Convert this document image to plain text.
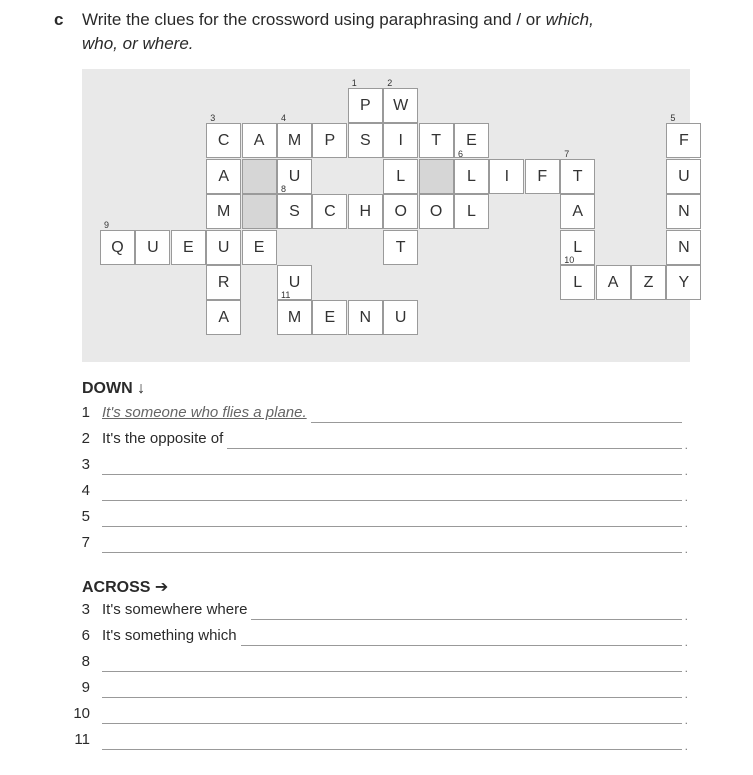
c Write the clues for the crossword using paraphrasing and / or which,
who, or where.
1
P
2
W
3
C	A
4
M	P	S	I	T	E
5
F
A	U	L
6
L	I	F
7
T	U
M
8
S	C	H	O	O	L	A	N
9
Q	U	E	U	E	T	L	N
R	U
10
L	A	Z	Y
A
11
M	E	N	U
DOWN ↓
1 It's someone who flies a plane.
2 It's the opposite of	.
3	.
4	.
5	.
7	.
ACROSS ➔
3 It's somewhere where	.
6 It's something which	.
8	.
9	.
10	.
11	.
